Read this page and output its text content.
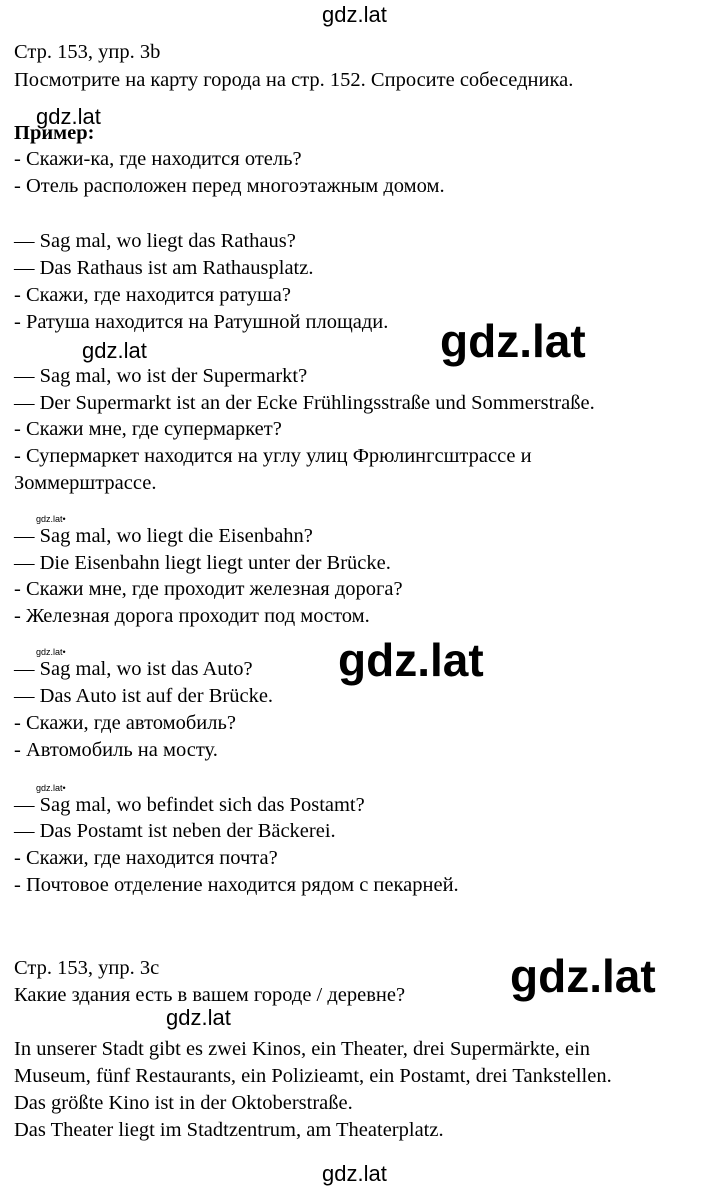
gdz.lat
gdz.lat
gdz.lat
gdz.lat
gdz.lat•
gdz.lat•	gdz.lat
gdz.lat•
gdz.lat
gdz.lat
gdz.lat
Стр. 153, упр. 3b
Посмотрите на карту города на стр. 152. Спросите собеседника.
Пример:
- Скажи-ка, где находится отель?
- Отель расположен перед многоэтажным домом.
— Sag mal, wo liegt das Rathaus?
— Das Rathaus ist am Rathausplatz.
- Скажи, где находится ратуша?
- Ратуша находится на Ратушной площади.
— Sag mal, wo ist der Supermarkt?
— Der Supermarkt ist an der Ecke Frühlingsstraße und Sommerstraße.
- Скажи мне, где супермаркет?
- Супермаркет находится на углу улиц Фрюлингсштрассе и
Зоммерштрассе.
— Sag mal, wo liegt die Eisenbahn?
— Die Eisenbahn liegt liegt unter der Brücke.
- Скажи мне, где проходит железная дорога?
- Железная дорога проходит под мостом.
— Sag mal, wo ist das Auto?
— Das Auto ist auf der Brücke.
- Скажи, где автомобиль?
- Автомобиль на мосту.
— Sag mal, wo befindet sich das Postamt?
— Das Postamt ist neben der Bäckerei.
- Скажи, где находится почта?
- Почтовое отделение находится рядом с пекарней.
Стр. 153, упр. 3c
Какие здания есть в вашем городе / деревне?
In unserer Stadt gibt es zwei Kinos, ein Theater, drei Supermärkte, ein
Museum, fünf Restaurants, ein Polizieamt, ein Postamt, drei Tankstellen.
Das größte Kino ist in der Oktoberstraße.
Das Theater liegt im Stadtzentrum, am Theaterplatz.
